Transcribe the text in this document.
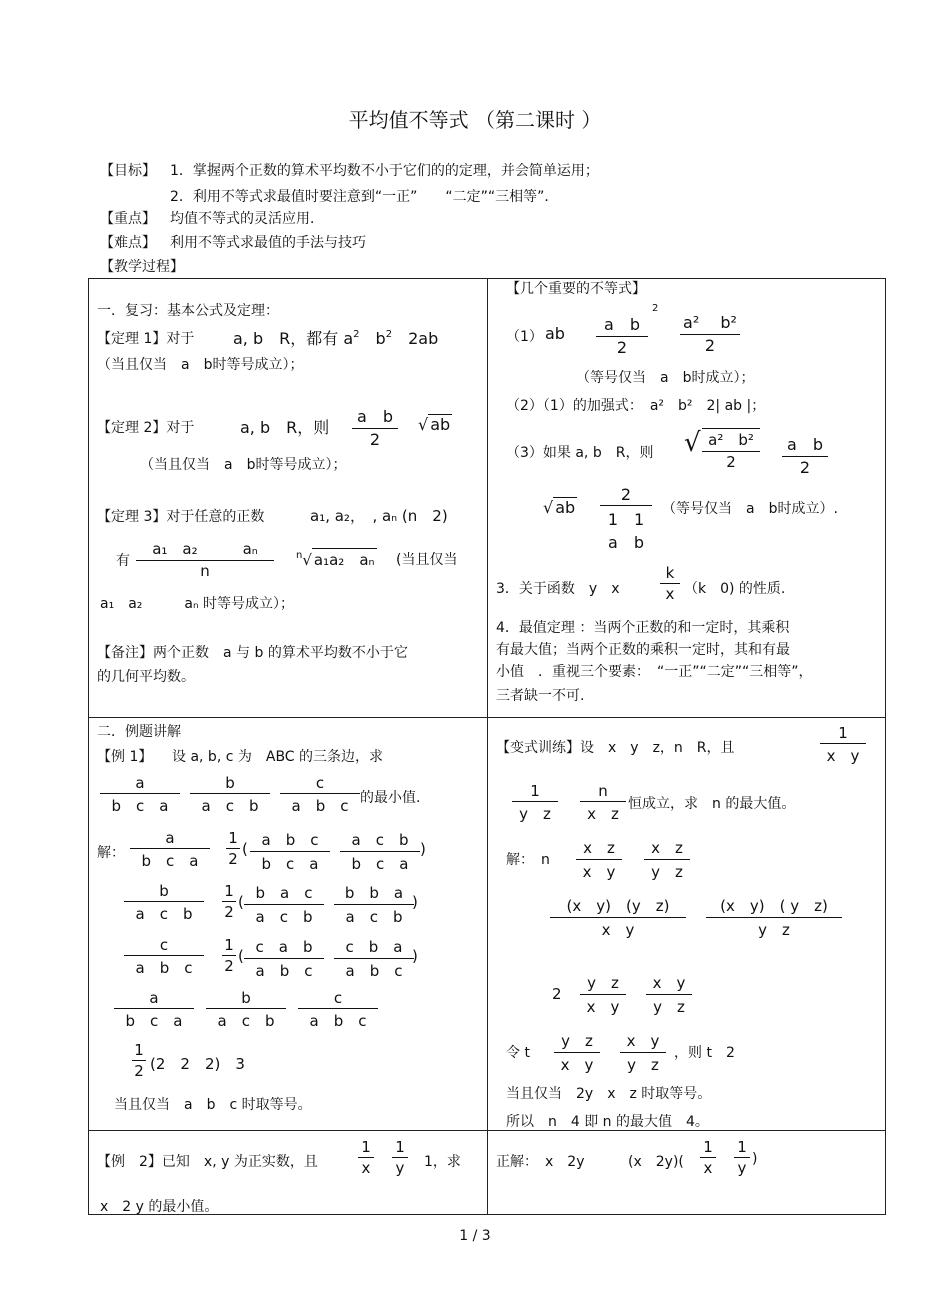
平均值不等式 （第二课时 ）
【目标】 1．掌握两个正数的算术平均数不小于它们的的定理，并会简单运用；
2．利用不等式求最值时要注意到“一正”　　“二定”“三相等”．
【重点】 均值不等式的灵活应用．
【难点】 利用不等式求最值的手法与技巧
【教学过程】
一．复习：基本公式及定理：
【定理 1】对于 a, b　R，都有 $a^2$　 $b^2$　 2ab
（当且仅当　a　b时等号成立）；
【定理 2】对于	a, b　R，则
a　b
2
√ ab
（当且仅当　a　b时等号成立）；
【定理 3】对于任意的正数	a₁, a₂，　, aₙ (n　2)
有
a₁　a₂　　　aₙ
n
$^n$√ a₁a₂　aₙ (当且仅当
a₁　a₂　　　aₙ 时等号成立）；
【备注】两个正数　a 与 b 的算术平均数不小于它
的几何平均数。
【几个重要的不等式】
（1） ab	a　b
2
2
a² 　b²
2
（等号仅当　a　b时成立）；
（2）（1）的加强式：　a²　b²　2| ab |；
（3）如果 a, b　R，则 √ a²　b²
2
a　b
2
√ ab
2
1　1
a　b
（等号仅当　a　b时成立）.
3．关于函数　y　x
k
x （k　0) 的性质.
4．最值定理 ：当两个正数的和一定时，其乘积
有最大值；当两个正数的乘积一定时，其和有最
小值　．重视三个要素：　“一正”“二定”“三相等”，
三者缺一不可.
二．例题讲解
【例 1】 设 a, b, c 为　ABC 的三条边，求
a
b　c　a
b
a　c　b
c
a　b　c 的最小值.
解：
a
b　c　a
1
2
( a　b　c
b　c　a
a　c　b
b　c　a
)
b
a　c　b
1
2
( b　a　c
a　c　b
b　b　a
a　c　b
)
c
a　b　c
1
2
( c　a　b
a　b　c
c　b　a
a　b　c
)
a
b　c　a
b
a　c　b
c
a　b　c
1
2 (2　2　2)　3
当且仅当　a　b　c 时取等号。
【变式训练】设　x　y　z，n　R，且
1
x　y
1
y　z
n
x　z
恒成立，求　n 的最大值。
解：　n
x　z
x　y
x　z
y　z
(x　y)　(y　z)
x　y
(x　y)　( y　z)
y　z
2
y　z
x　y
x　y
y　z
令 t
y　z
x　y
x　y
y　z
，则 t　2
当且仅当　2y　x　z 时取等号。
所以　n　4 即 n 的最大值　4。
【例　2】已知　x, y 为正实数，且
1
x
1
y 1，求
x　2 y 的最小值。
正解：　x　2y	(x　2y)(
1
x
1
y )
1 / 3
